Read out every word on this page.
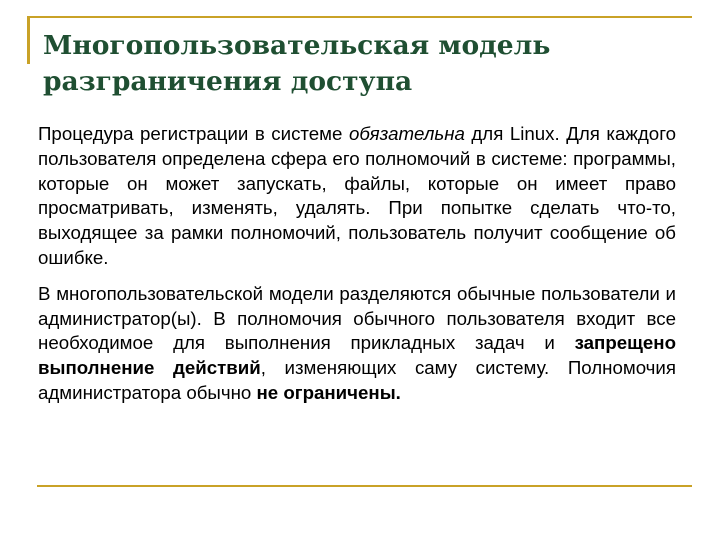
Многопользовательская модель
разграничения доступа

Процедура регистрации в системе обязательна для Linux. Для каждого пользователя определена сфера его полномочий в системе: программы, которые он может запускать, файлы, которые он имеет право просматривать, изменять, удалять. При попытке сделать что-то, выходящее за рамки полномочий, пользователь получит сообщение об ошибке.

В многопользовательской модели разделяются обычные пользователи и администратор(ы). В полномочия обычного пользователя входит все необходимое для выполнения прикладных задач и запрещено выполнение действий, изменяющих саму систему. Полномочия администратора обычно не ограничены.
